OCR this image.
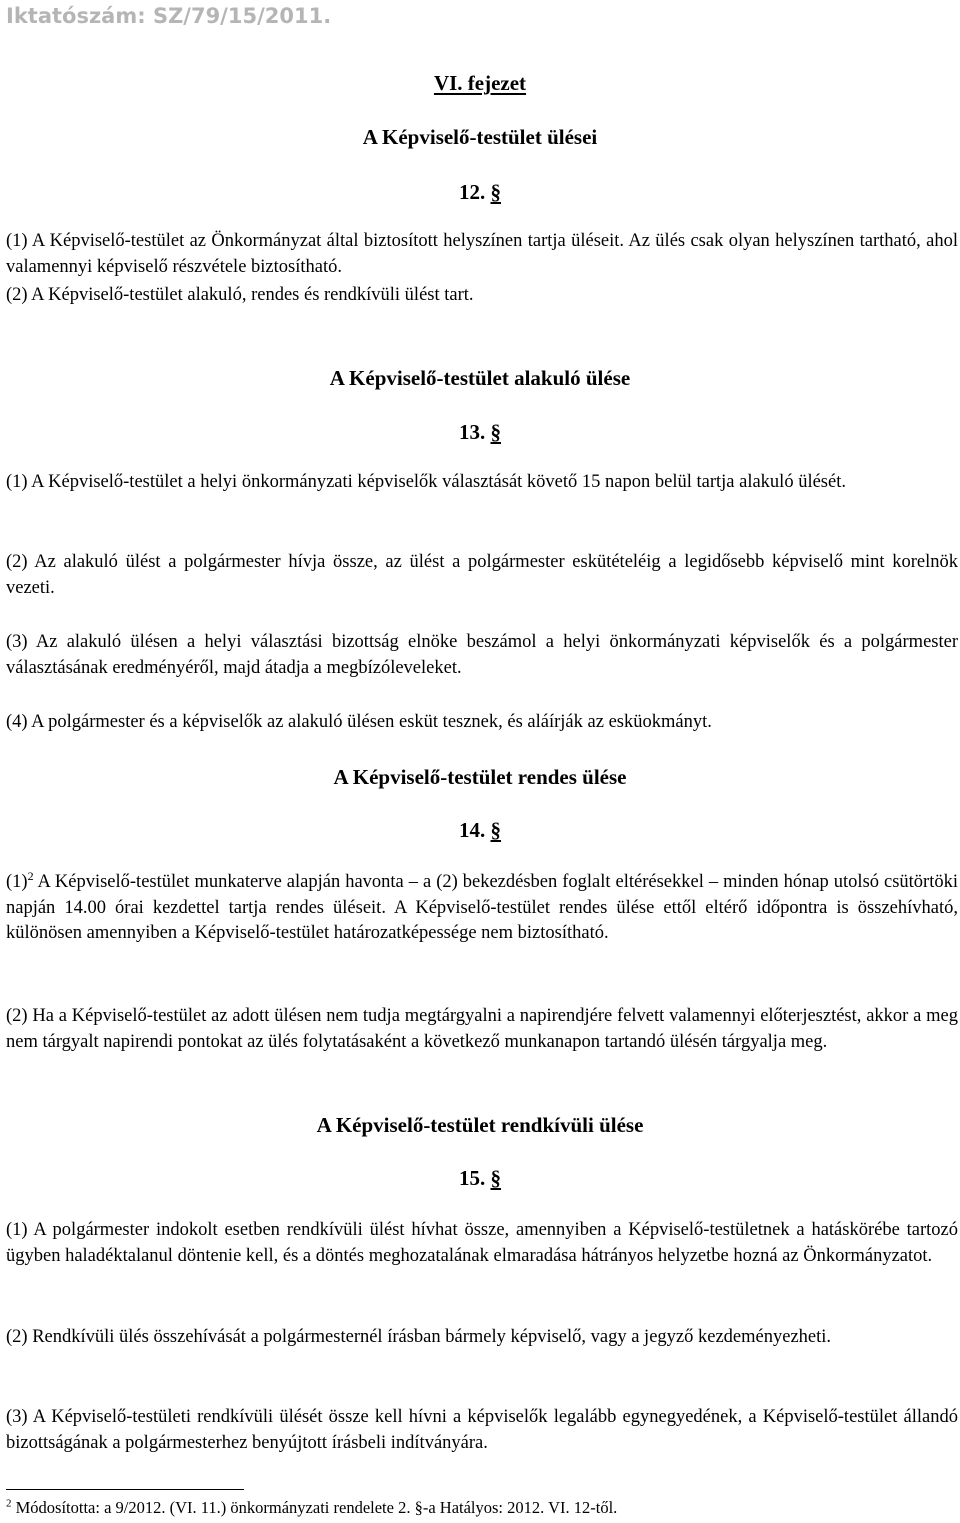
Iktatószám: SZ/79/15/2011.

VI. fejezet

A Képviselő-testület ülései

12. §

(1) A Képviselő-testület az Önkormányzat által biztosított helyszínen tartja üléseit. Az ülés csak olyan helyszínen tartható, ahol valamennyi képviselő részvétele biztosítható.

(2) A Képviselő-testület alakuló, rendes és rendkívüli ülést tart.

A Képviselő-testület alakuló ülése

13. §

(1) A Képviselő-testület a helyi önkormányzati képviselők választását követő 15 napon belül tartja alakuló ülését.

(2) Az alakuló ülést a polgármester hívja össze, az ülést a polgármester eskütételéig a legidősebb képviselő mint korelnök vezeti.

(3) Az alakuló ülésen a helyi választási bizottság elnöke beszámol a helyi önkormányzati képviselők és a polgármester választásának eredményéről, majd átadja a megbízóleveleket.

(4) A polgármester és a képviselők az alakuló ülésen esküt tesznek, és aláírják az esküokmányt.

A Képviselő-testület rendes ülése

14. §

$(1)^2$ A Képviselő-testület munkaterve alapján havonta – a (2) bekezdésben foglalt eltérésekkel – minden hónap utolsó csütörtöki napján 14.00 órai kezdettel tartja rendes üléseit. A Képviselő-testület rendes ülése ettől eltérő időpontra is összehívható, különösen amennyiben a Képviselő-testület határozatképessége nem biztosítható.

(2) Ha a Képviselő-testület az adott ülésen nem tudja megtárgyalni a napirendjére felvett valamennyi előterjesztést, akkor a meg nem tárgyalt napirendi pontokat az ülés folytatásaként a következő munkanapon tartandó ülésén tárgyalja meg.

A Képviselő-testület rendkívüli ülése

15. §

(1) A polgármester indokolt esetben rendkívüli ülést hívhat össze, amennyiben a Képviselő-testületnek a hatáskörébe tartozó ügyben haladéktalanul döntenie kell, és a döntés meghozatalának elmaradása hátrányos helyzetbe hozná az Önkormányzatot.

(2) Rendkívüli ülés összehívását a polgármesternél írásban bármely képviselő, vagy a jegyző kezdeményezheti.

(3) A Képviselő-testületi rendkívüli ülését össze kell hívni a képviselők legalább egynegyedének, a Képviselő-testület állandó bizottságának a polgármesterhez benyújtott írásbeli indítványára.

$^2$ Módosította: a 9/2012. (VI. 11.) önkormányzati rendelete 2. §-a Hatályos: 2012. VI. 12-től.
